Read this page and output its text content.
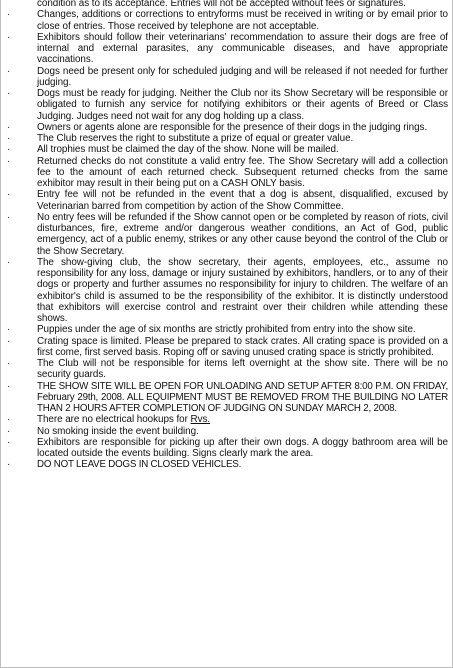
condition as to its acceptance. Entries will not be accepted without fees or signatures.
·	Changes, additions or corrections to entryforms must be received in writing or by email prior to close of entries. Those received by telephone are not acceptable.
·	Exhibitors should follow their veterinarians' recommendation to assure their dogs are free of internal and external parasites, any communicable diseases, and have appropriate vaccinations.
·	Dogs need be present only for scheduled judging and will be released if not needed for further judging.
·	Dogs must be ready for judging. Neither the Club nor its Show Secretary will be responsible or obligated to furnish any service for notifying exhibitors or their agents of Breed or Class Judging. Judges need not wait for any dog holding up a class.
·	Owners or agents alone are responsible for the presence of their dogs in the judging rings.
·	The Club reserves the right to substitute a prize of equal or greater value.
·	All trophies must be claimed the day of the show. None will be mailed.
·	Returned checks do not constitute a valid entry fee. The Show Secretary will add a collection fee to the amount of each returned check. Subsequent returned checks from the same exhibitor may result in their being put on a CASH ONLY basis.
·	Entry fee will not be refunded in the event that a dog is absent, disqualified, excused by Veterinarian barred from competition by action of the Show Committee.
·	No entry fees will be refunded if the Show cannot open or be completed by reason of riots, civil disturbances, fire, extreme and/or dangerous weather conditions, an Act of God, public emergency, act of a public enemy, strikes or any other cause beyond the control of the Club or the Show Secretary.
·	The show-giving club, the show secretary, their agents, employees, etc., assume no responsibility for any loss, damage or injury sustained by exhibitors, handlers, or to any of their dogs or property and further assumes no responsibility for injury to children. The welfare of an exhibitor's child is assumed to be the responsibility of the exhibitor. It is distinctly understood that exhibitors will exercise control and restraint over their children while attending these shows.
·	Puppies under the age of six months are strictly prohibited from entry into the show site.
·	Crating space is limited. Please be prepared to stack crates. All crating space is provided on a first come, first served basis. Roping off or saving unused crating space is strictly prohibited.
·	The Club will not be responsible for items left overnight at the show site. There will be no security guards.
·	THE SHOW SITE WILL BE OPEN FOR UNLOADING AND SETUP AFTER 8:00 P.M. ON FRIDAY, February 29th, 2008. ALL EQUIPMENT MUST BE REMOVED FROM THE BUILDING NO LATER THAN 2 HOURS AFTER COMPLETION OF JUDGING ON SUNDAY MARCH 2, 2008.
·	There are no electrical hookups for Rvs.
·	No smoking inside the event building.
·	Exhibitors are responsible for picking up after their own dogs. A doggy bathroom area will be located outside the events building. Signs clearly mark the area.
·	DO NOT LEAVE DOGS IN CLOSED VEHICLES.
